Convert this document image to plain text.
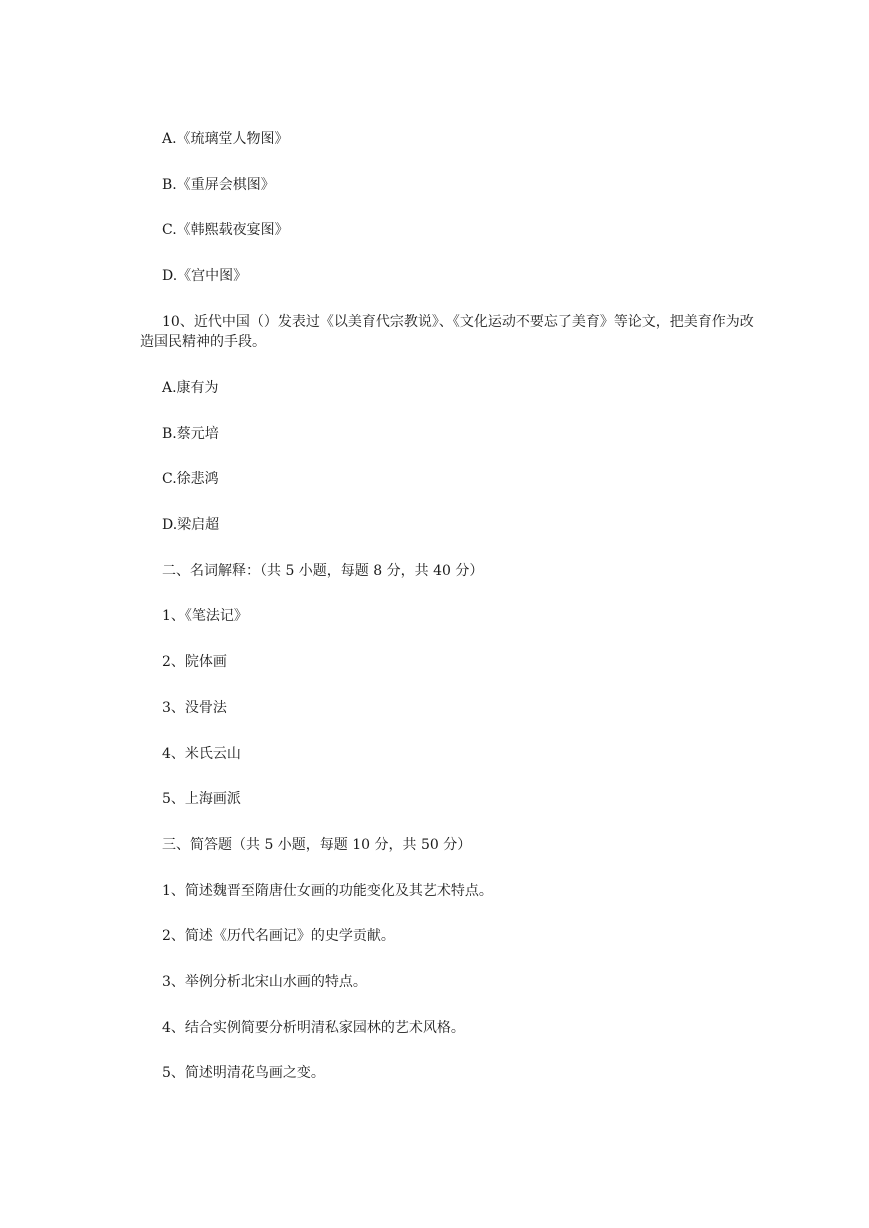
A.《琉璃堂人物图》

B.《重屏会棋图》

C.《韩熙载夜宴图》

D.《宫中图》

10、近代中国（）发表过《以美育代宗教说》、《文化运动不要忘了美育》等论文，把美育作为改造国民精神的手段。

A.康有为

B.蔡元培

C.徐悲鸿

D.梁启超

二、名词解释：（共 5 小题，每题 8 分，共 40 分）

1、《笔法记》

2、院体画

3、没骨法

4、米氏云山

5、上海画派

三、简答题（共 5 小题，每题 10 分，共 50 分）

1、简述魏晋至隋唐仕女画的功能变化及其艺术特点。

2、简述《历代名画记》的史学贡献。

3、举例分析北宋山水画的特点。

4、结合实例简要分析明清私家园林的艺术风格。

5、简述明清花鸟画之变。
